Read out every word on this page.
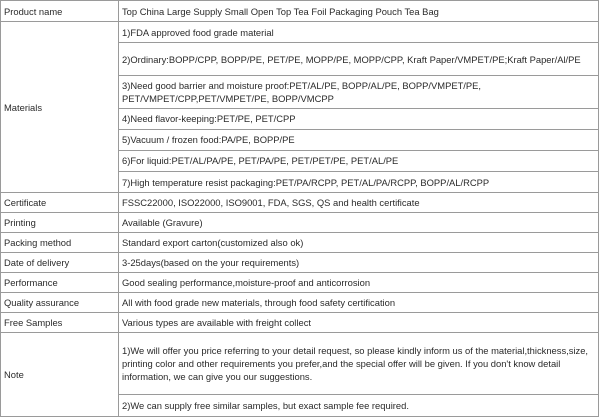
Product name	Top China Large Supply Small Open Top Tea Foil Packaging Pouch Tea Bag
Materials	1)FDA approved food grade material
	2)Ordinary:BOPP/CPP, BOPP/PE, PET/PE, MOPP/PE, MOPP/CPP, Kraft Paper/VMPET/PE;Kraft Paper/Al/PE
	3)Need good barrier and moisture proof:PET/AL/PE, BOPP/AL/PE, BOPP/VMPET/PE, PET/VMPET/CPP,PET/VMPET/PE, BOPP/VMCPP
	4)Need flavor-keeping:PET/PE, PET/CPP
	5)Vacuum / frozen food:PA/PE, BOPP/PE
	6)For liquid:PET/AL/PA/PE, PET/PA/PE, PET/PET/PE, PET/AL/PE
	7)High temperature resist packaging:PET/PA/RCPP, PET/AL/PA/RCPP, BOPP/AL/RCPP
Certificate	FSSC22000, ISO22000, ISO9001, FDA, SGS, QS and health certificate
Printing	Available (Gravure)
Packing method	Standard export carton(customized also ok)
Date of delivery	3-25days(based on the your requirements)
Performance	Good sealing performance,moisture-proof and anticorrosion
Quality assurance	All with food grade new materials, through food safety certification
Free Samples	Various types are available with freight collect
Note	1)We will offer you price referring to your detail request, so please kindly inform us of the material,thickness,size, printing color and other requirements you prefer,and the special offer will be given. If you don't know detail information, we can give you our suggestions.
	2)We can supply free similar samples, but exact sample fee required.
